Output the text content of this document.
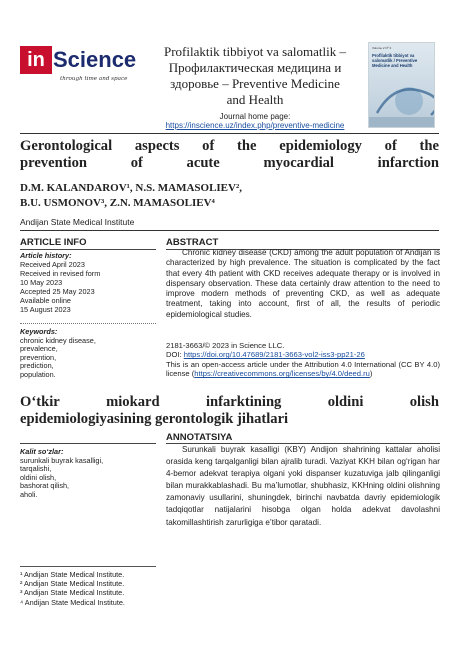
in Science
through time and space
Profilaktik tibbiyot va salomatlik –
Профилактическая медицина и
здоровье – Preventive Medicine
and Health
Journal home page:
https://inscience.uz/index.php/preventive-medicine
Volume 2 Nº 3
Profilaktik tibbiyot va salomatlik / Preventive Medicine and Health
Gerontological aspects of the epidemiology of the
prevention of acute myocardial infarction
D.M. KALANDAROV¹, N.S. MAMASOLIEV²,
B.U. USMONOV³, Z.N. MAMASOLIEV⁴
Andijan State Medical Institute
ARTICLE INFO
Article history:
Received April 2023
Received in revised form
10 May 2023
Accepted 25 May 2023
Available online
15 August 2023
Keywords:
chronic kidney disease,
prevalence,
prevention,
prediction,
population.
ABSTRACT

Chronic kidney disease (CKD) among the adult population of Andijan is characterized by high prevalence. The situation is complicated by the fact that every 4th patient with CKD receives adequate therapy or is involved in dispensary observation. These data certainly draw attention to the need to improve modern methods of preventing CKD, as well as adequate treatment, taking into account, first of all, the results of periodic epidemiological studies.

2181-3663/© 2023 in Science LLC.
DOI: https://doi.org/10.47689/2181-3663-vol2-iss3-pp21-26
This is an open-access article under the Attribution 4.0 International (CC BY 4.0) license (https://creativecommons.org/licenses/by/4.0/deed.ru)
O‘tkir	miokard	infarktining	oldini	olish
epidemiologiyasining gerontologik jihatlari
ANNOTATSIYA

Surunkali buyrak kasalligi (KBY) Andijon shahrining kattalar aholisi orasida keng tarqalganligi bilan ajralib turadi. Vaziyat KKH bilan og‘rigan har 4-bemor adekvat terapiya olgani yoki dispanser kuzatuviga jalb qilinganligi bilan murakkablashadi. Bu ma’lumotlar, shubhasiz, KKHning oldini olishning zamonaviy usullarini, shuningdek, birinchi navbatda davriy epidemiologik tadqiqotlar natijalarini hisobga olgan holda adekvat davolashni takomillashtirish zarurligiga e’tibor qaratadi.

Kalit so‘zlar:
surunkali buyrak kasalligi,
tarqalishi,
oldini olish,
bashorat qilish,
aholi.
¹ Andijan State Medical Institute.
² Andijan State Medical Institute.
³ Andijan State Medical Institute.
⁴ Andijan State Medical Institute.
